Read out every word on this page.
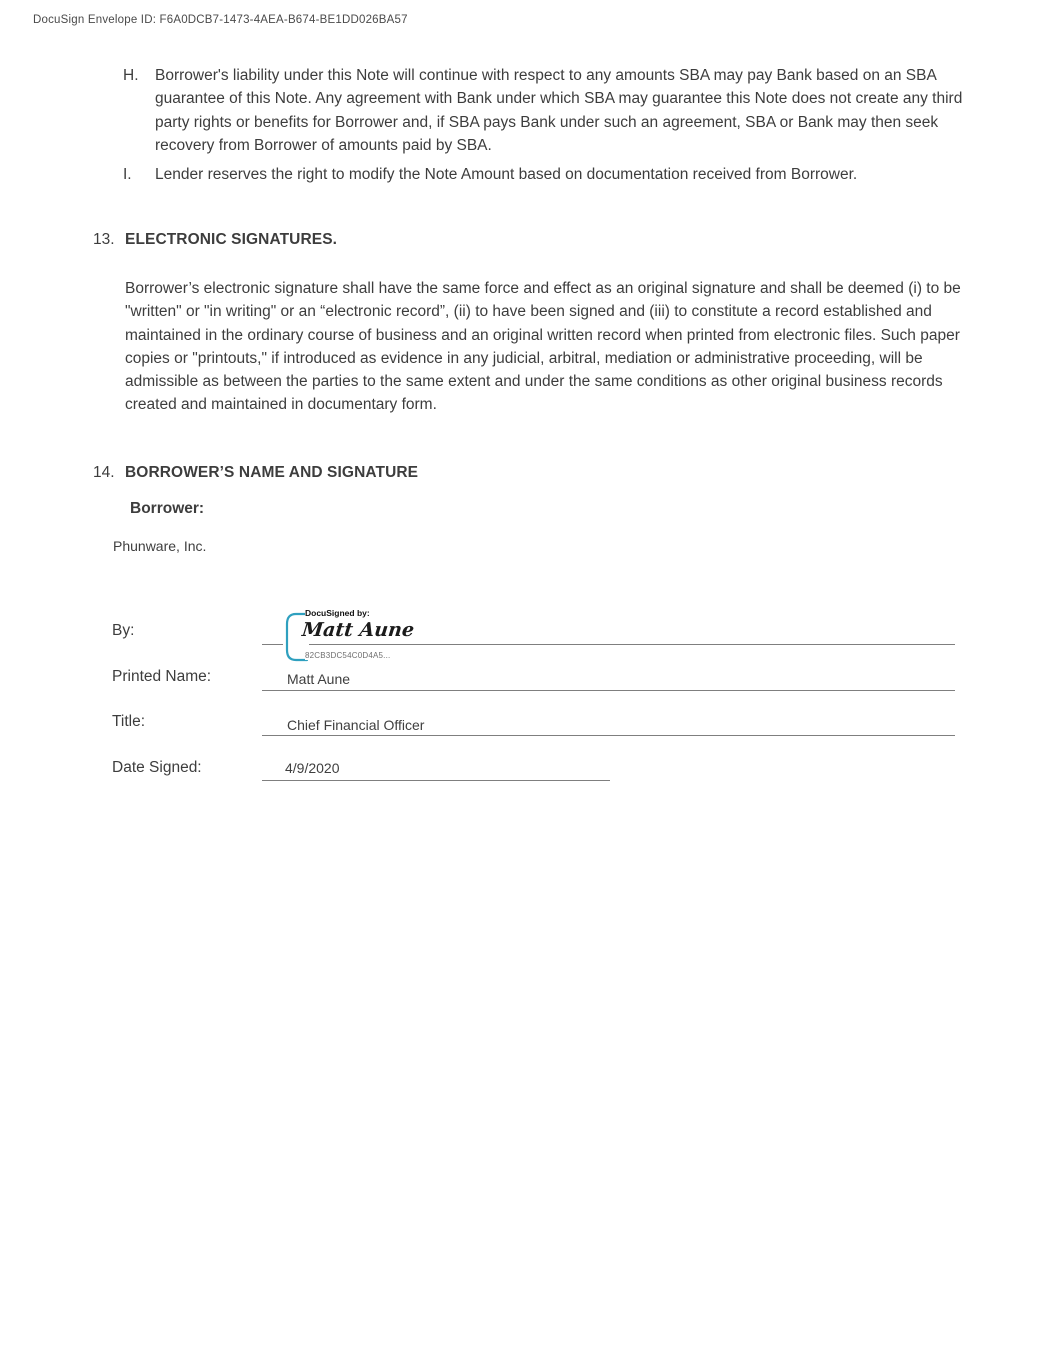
DocuSign Envelope ID: F6A0DCB7-1473-4AEA-B674-BE1DD026BA57
H.	Borrower's liability under this Note will continue with respect to any amounts SBA may pay Bank based on an SBA guarantee of this Note. Any agreement with Bank under which SBA may guarantee this Note does not create any third party rights or benefits for Borrower and, if SBA pays Bank under such an agreement, SBA or Bank may then seek recovery from Borrower of amounts paid by SBA.
I.	Lender reserves the right to modify the Note Amount based on documentation received from Borrower.
13. ELECTRONIC SIGNATURES.
Borrower’s electronic signature shall have the same force and effect as an original signature and shall be deemed (i) to be "written" or "in writing" or an “electronic record”, (ii) to have been signed and (iii) to constitute a record established and maintained in the ordinary course of business and an original written record when printed from electronic files. Such paper copies or "printouts," if introduced as evidence in any judicial, arbitral, mediation or administrative proceeding, will be admissible as between the parties to the same extent and under the same conditions as other original business records created and maintained in documentary form.
14. BORROWER’S NAME AND SIGNATURE
Borrower:
Phunware, Inc.
By:
DocuSigned by:
Matt Aune
82CB3DC54C0D4A5...
Printed Name:	Matt Aune
Title:	Chief Financial Officer
Date Signed:	4/9/2020
